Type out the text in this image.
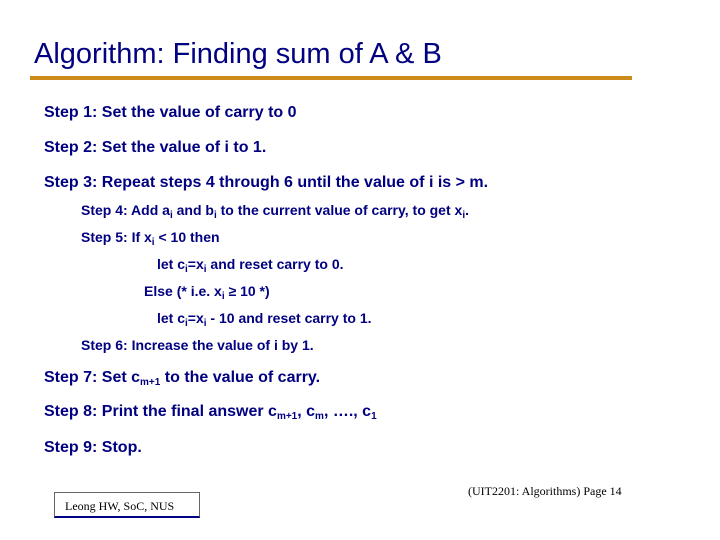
Algorithm: Finding sum of A & B
Step 1: Set the value of carry to 0
Step 2: Set the value of i to 1.
Step 3: Repeat steps 4 through 6 until the value of i is > m.
Step 4: Add $a_i$ and $b_i$ to the current value of carry, to get $x_i$.
Step 5: If $x_i < 10$ then
let $c_i=x_i$ and reset carry to 0.
Else (* i.e. $x_i \ge 10$ *)
let $c_i=x_i - 10$ and reset carry to 1.
Step 6: Increase the value of i by 1.
Step 7: Set $c_{m+1}$ to the value of carry.
Step 8: Print the final answer $c_{m+1}$, $c_m$, …., $c_1$
Step 9: Stop.
(UIT2201: Algorithms) Page 14
Leong HW, SoC, NUS
